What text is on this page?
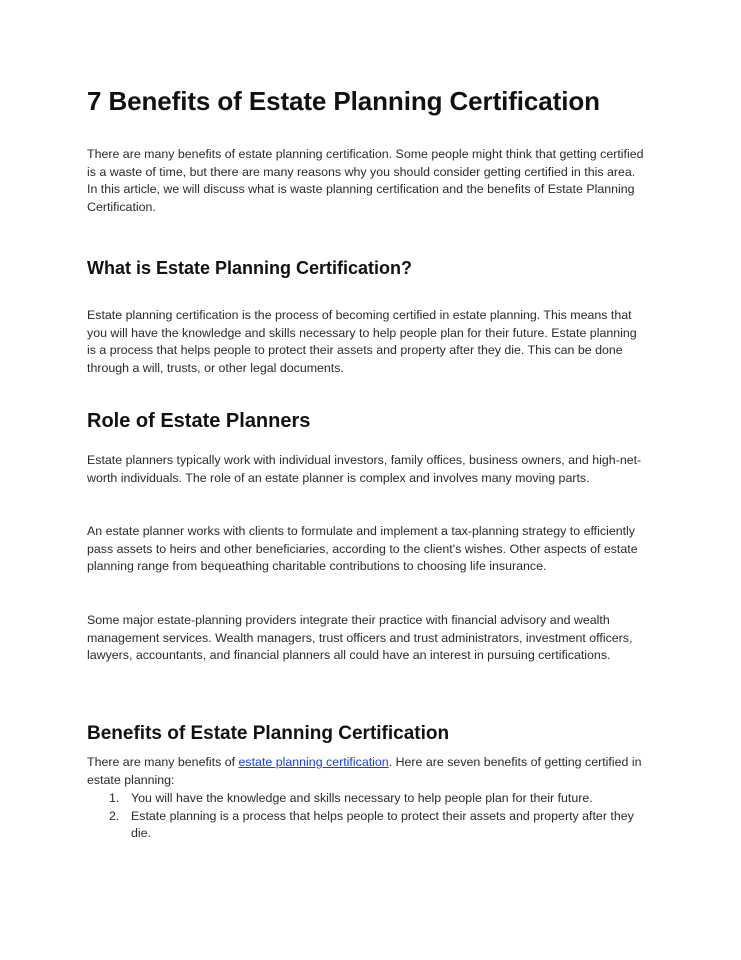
7 Benefits of Estate Planning Certification

There are many benefits of estate planning certification. Some people might think that getting certified is a waste of time, but there are many reasons why you should consider getting certified in this area. In this article, we will discuss what is waste planning certification and the benefits of Estate Planning Certification.

What is Estate Planning Certification?

Estate planning certification is the process of becoming certified in estate planning. This means that you will have the knowledge and skills necessary to help people plan for their future. Estate planning is a process that helps people to protect their assets and property after they die. This can be done through a will, trusts, or other legal documents.

Role of Estate Planners

Estate planners typically work with individual investors, family offices, business owners, and high-net-worth individuals. The role of an estate planner is complex and involves many moving parts.

An estate planner works with clients to formulate and implement a tax-planning strategy to efficiently pass assets to heirs and other beneficiaries, according to the client's wishes. Other aspects of estate planning range from bequeathing charitable contributions to choosing life insurance.

Some major estate-planning providers integrate their practice with financial advisory and wealth management services. Wealth managers, trust officers and trust administrators, investment officers, lawyers, accountants, and financial planners all could have an interest in pursuing certifications.

Benefits of Estate Planning Certification

There are many benefits of estate planning certification. Here are seven benefits of getting certified in estate planning:

1. You will have the knowledge and skills necessary to help people plan for their future.
2. Estate planning is a process that helps people to protect their assets and property after they die.
